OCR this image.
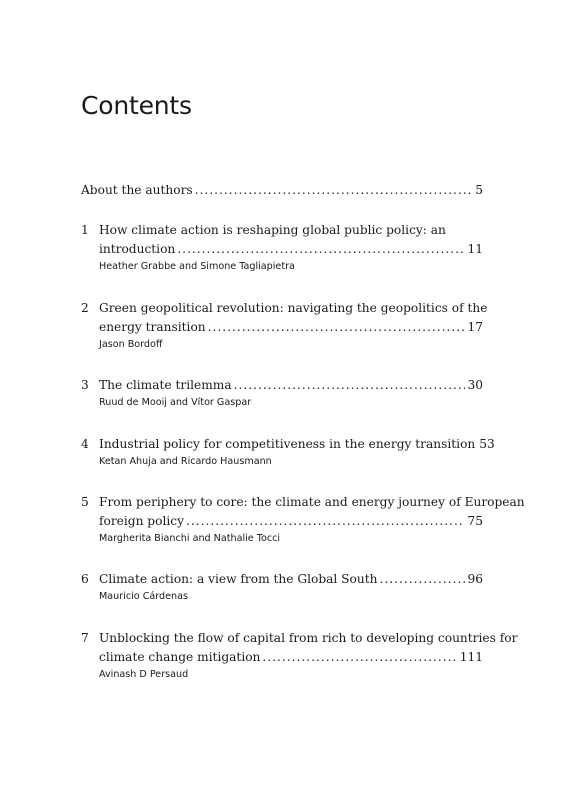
Contents
About the authors .....	5
1 How climate action is reshaping global public policy: an
introduction .....	11
Heather Grabbe and Simone Tagliapietra
2 Green geopolitical revolution: navigating the geopolitics of the
energy transition .....	17
Jason Bordoff
3 The climate trilemma .....	30
Ruud de Mooij and Vítor Gaspar
4 Industrial policy for competitiveness in the energy transition 53
Ketan Ahuja and Ricardo Hausmann
5 From periphery to core: the climate and energy journey of European
foreign policy .....	75
Margherita Bianchi and Nathalie Tocci
6 Climate action: a view from the Global South .....	96
Mauricio Cárdenas
7 Unblocking the flow of capital from rich to developing countries for
climate change mitigation .....	111
Avinash D Persaud
